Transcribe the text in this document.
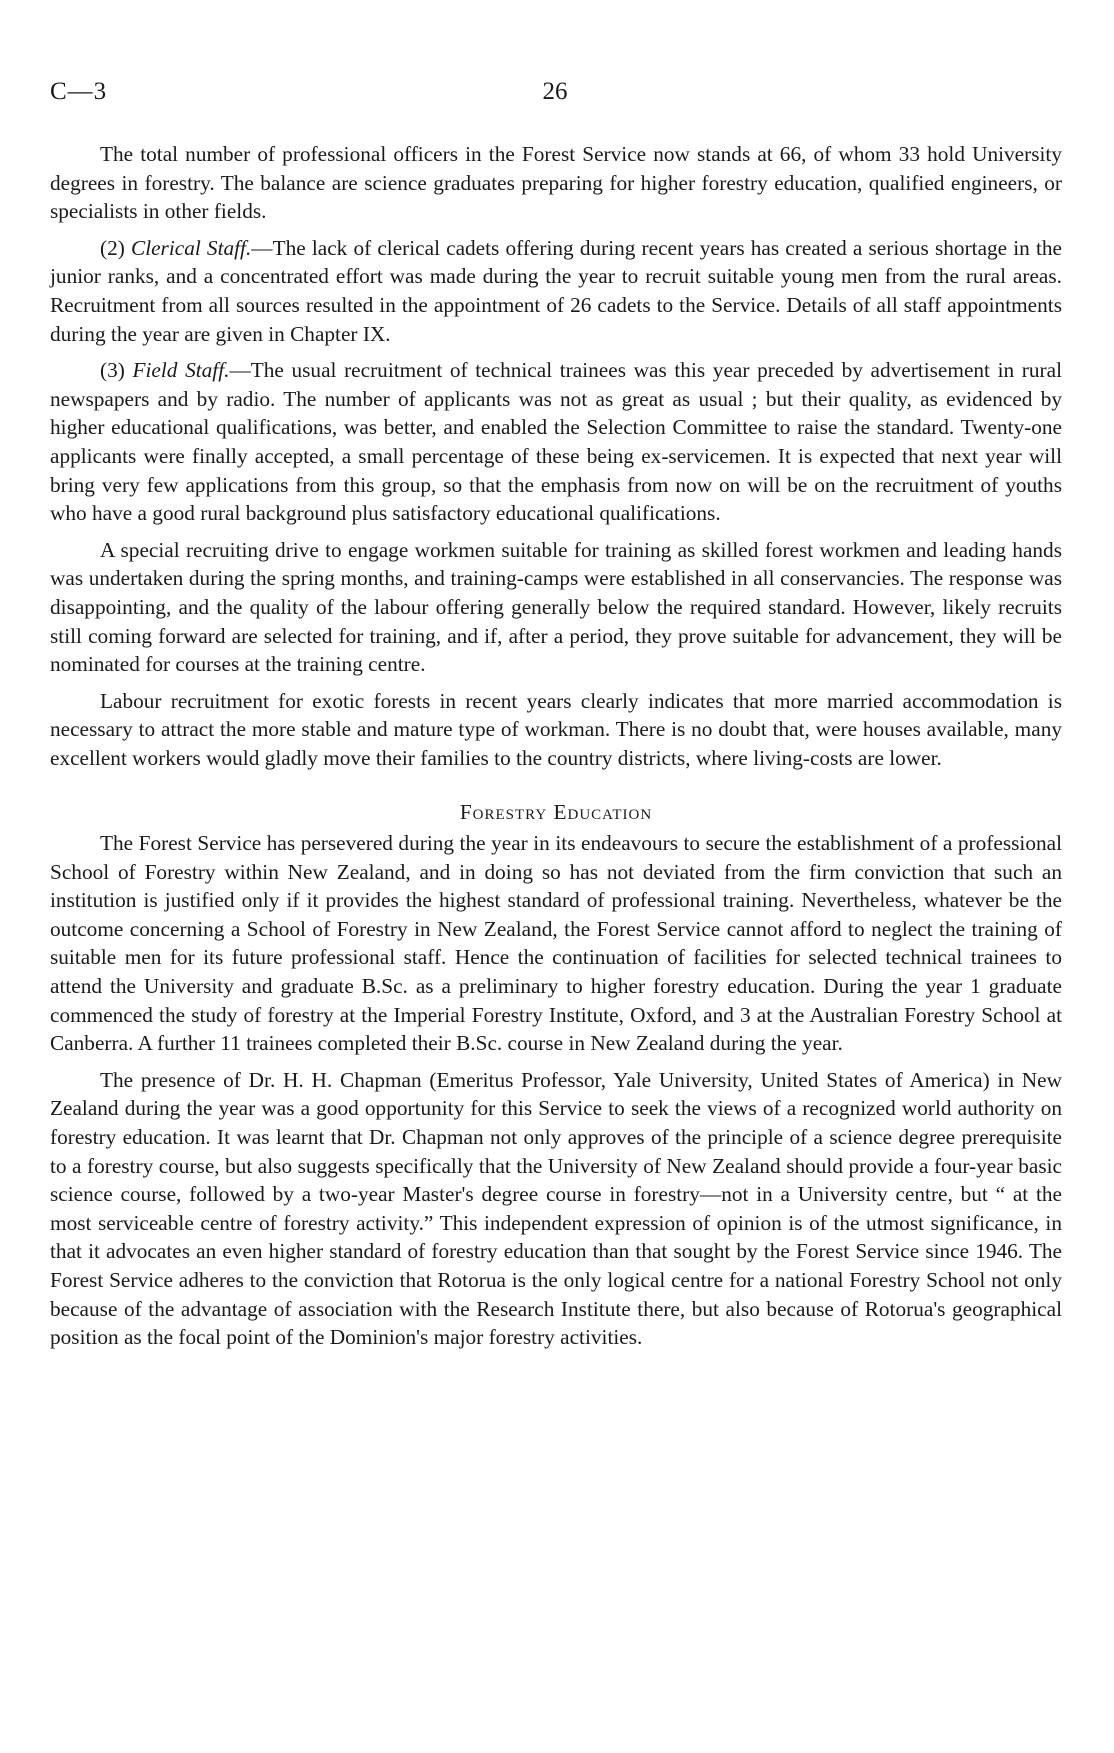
C—3	26

The total number of professional officers in the Forest Service now stands at 66, of whom 33 hold University degrees in forestry. The balance are science graduates preparing for higher forestry education, qualified engineers, or specialists in other fields.

(2) Clerical Staff.—The lack of clerical cadets offering during recent years has created a serious shortage in the junior ranks, and a concentrated effort was made during the year to recruit suitable young men from the rural areas. Recruitment from all sources resulted in the appointment of 26 cadets to the Service. Details of all staff appointments during the year are given in Chapter IX.

(3) Field Staff.—The usual recruitment of technical trainees was this year preceded by advertisement in rural newspapers and by radio. The number of applicants was not as great as usual ; but their quality, as evidenced by higher educational qualifications, was better, and enabled the Selection Committee to raise the standard. Twenty-one applicants were finally accepted, a small percentage of these being ex-servicemen. It is expected that next year will bring very few applications from this group, so that the emphasis from now on will be on the recruitment of youths who have a good rural background plus satisfactory educational qualifications.

A special recruiting drive to engage workmen suitable for training as skilled forest workmen and leading hands was undertaken during the spring months, and training-camps were established in all conservancies. The response was disappointing, and the quality of the labour offering generally below the required standard. However, likely recruits still coming forward are selected for training, and if, after a period, they prove suitable for advancement, they will be nominated for courses at the training centre.

Labour recruitment for exotic forests in recent years clearly indicates that more married accommodation is necessary to attract the more stable and mature type of workman. There is no doubt that, were houses available, many excellent workers would gladly move their families to the country districts, where living-costs are lower.

Forestry Education

The Forest Service has persevered during the year in its endeavours to secure the establishment of a professional School of Forestry within New Zealand, and in doing so has not deviated from the firm conviction that such an institution is justified only if it provides the highest standard of professional training. Nevertheless, whatever be the outcome concerning a School of Forestry in New Zealand, the Forest Service cannot afford to neglect the training of suitable men for its future professional staff. Hence the continuation of facilities for selected technical trainees to attend the University and graduate B.Sc. as a preliminary to higher forestry education. During the year 1 graduate commenced the study of forestry at the Imperial Forestry Institute, Oxford, and 3 at the Australian Forestry School at Canberra. A further 11 trainees completed their B.Sc. course in New Zealand during the year.

The presence of Dr. H. H. Chapman (Emeritus Professor, Yale University, United States of America) in New Zealand during the year was a good opportunity for this Service to seek the views of a recognized world authority on forestry education. It was learnt that Dr. Chapman not only approves of the principle of a science degree prerequisite to a forestry course, but also suggests specifically that the University of New Zealand should provide a four-year basic science course, followed by a two-year Master's degree course in forestry—not in a University centre, but “ at the most serviceable centre of forestry activity.” This independent expression of opinion is of the utmost significance, in that it advocates an even higher standard of forestry education than that sought by the Forest Service since 1946. The Forest Service adheres to the conviction that Rotorua is the only logical centre for a national Forestry School not only because of the advantage of association with the Research Institute there, but also because of Rotorua's geographical position as the focal point of the Dominion's major forestry activities.
